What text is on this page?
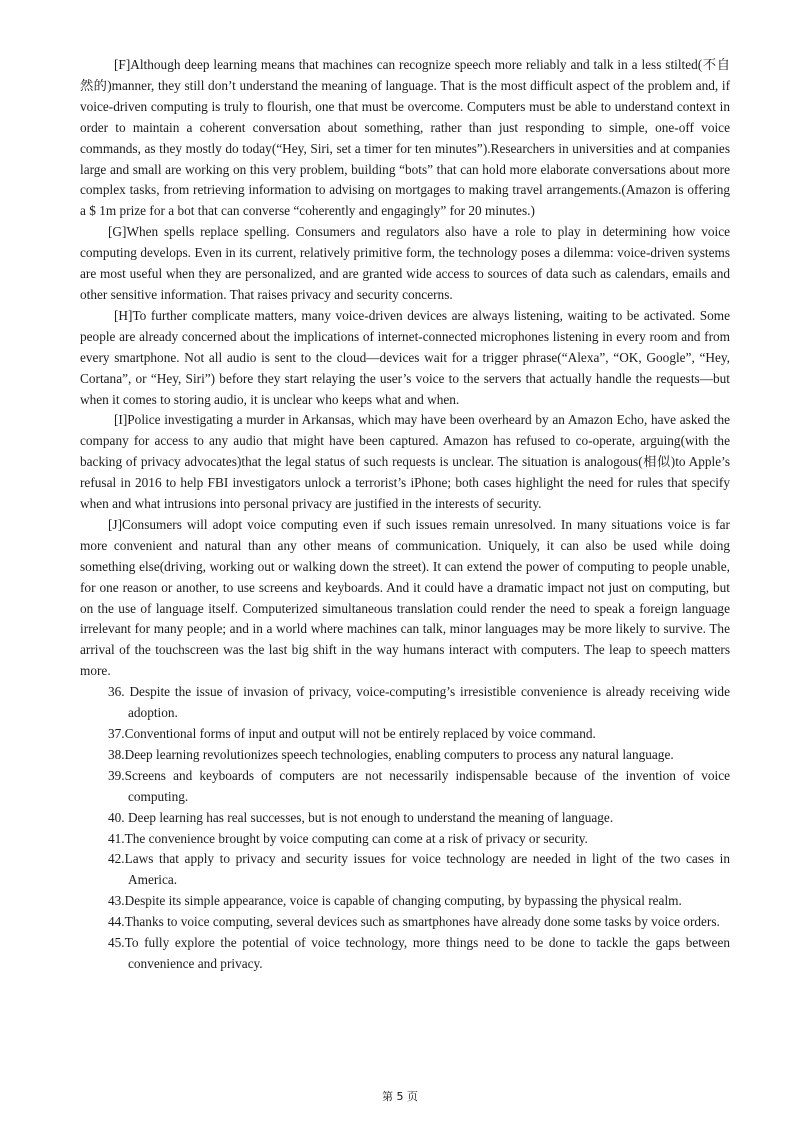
[F]Although deep learning means that machines can recognize speech more reliably and talk in a less stilted(不自然的)manner, they still don’t understand the meaning of language. That is the most difficult aspect of the problem and, if voice-driven computing is truly to flourish, one that must be overcome. Computers must be able to understand context in order to maintain a coherent conversation about something, rather than just responding to simple, one-off voice commands, as they mostly do today(“Hey, Siri, set a timer for ten minutes”).Researchers in universities and at companies large and small are working on this very problem, building “bots” that can hold more elaborate conversations about more complex tasks, from retrieving information to advising on mortgages to making travel arrangements.(Amazon is offering a $ 1m prize for a bot that can converse “coherently and engagingly” for 20 minutes.)

[G]When spells replace spelling. Consumers and regulators also have a role to play in determining how voice computing develops. Even in its current, relatively primitive form, the technology poses a dilemma: voice-driven systems are most useful when they are personalized, and are granted wide access to sources of data such as calendars, emails and other sensitive information. That raises privacy and security concerns.

[H]To further complicate matters, many voice-driven devices are always listening, waiting to be activated. Some people are already concerned about the implications of internet-connected microphones listening in every room and from every smartphone. Not all audio is sent to the cloud—devices wait for a trigger phrase(“Alexa”, “OK, Google”, “Hey, Cortana”, or “Hey, Siri”) before they start relaying the user’s voice to the servers that actually handle the requests—but when it comes to storing audio, it is unclear who keeps what and when.

[I]Police investigating a murder in Arkansas, which may have been overheard by an Amazon Echo, have asked the company for access to any audio that might have been captured. Amazon has refused to co-operate, arguing(with the backing of privacy advocates)that the legal status of such requests is unclear. The situation is analogous(相似)to Apple’s refusal in 2016 to help FBI investigators unlock a terrorist’s iPhone; both cases highlight the need for rules that specify when and what intrusions into personal privacy are justified in the interests of security.

[J]Consumers will adopt voice computing even if such issues remain unresolved. In many situations voice is far more convenient and natural than any other means of communication. Uniquely, it can also be used while doing something else(driving, working out or walking down the street). It can extend the power of computing to people unable, for one reason or another, to use screens and keyboards. And it could have a dramatic impact not just on computing, but on the use of language itself. Computerized simultaneous translation could render the need to speak a foreign language irrelevant for many people; and in a world where machines can talk, minor languages may be more likely to survive. The arrival of the touchscreen was the last big shift in the way humans interact with computers. The leap to speech matters more.

36. Despite the issue of invasion of privacy, voice-computing’s irresistible convenience is already receiving wide adoption.

37.Conventional forms of input and output will not be entirely replaced by voice command.

38.Deep learning revolutionizes speech technologies, enabling computers to process any natural language.

39.Screens and keyboards of computers are not necessarily indispensable because of the invention of voice computing.

40. Deep learning has real successes, but is not enough to understand the meaning of language.

41.The convenience brought by voice computing can come at a risk of privacy or security.

42.Laws that apply to privacy and security issues for voice technology are needed in light of the two cases in America.

43.Despite its simple appearance, voice is capable of changing computing, by bypassing the physical realm.

44.Thanks to voice computing, several devices such as smartphones have already done some tasks by voice orders.

45.To fully explore the potential of voice technology, more things need to be done to tackle the gaps between convenience and privacy.

第 5 页
